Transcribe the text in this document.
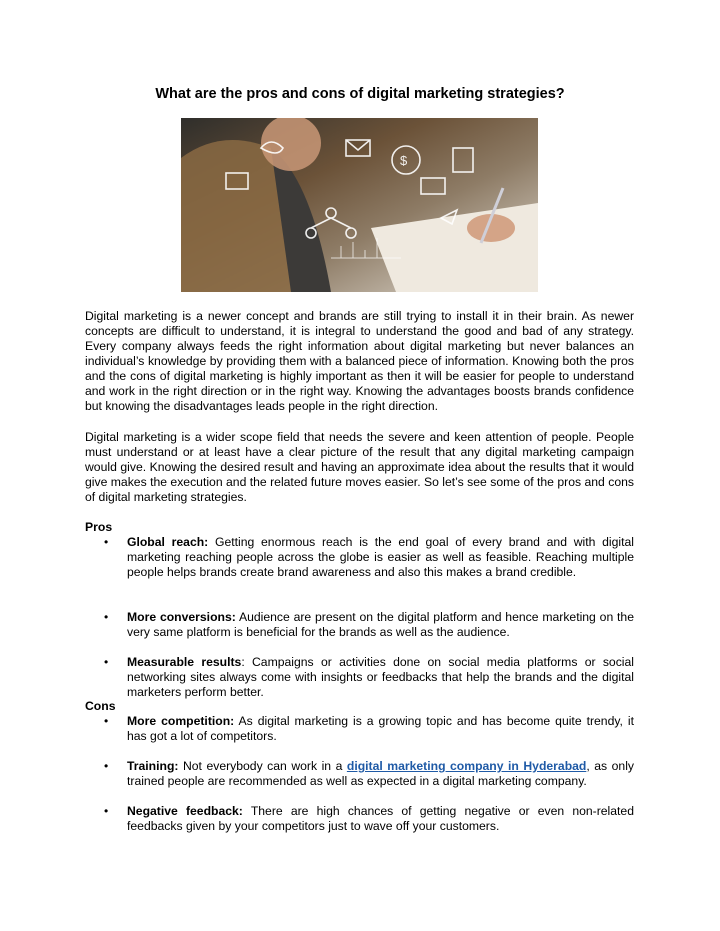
What are the pros and cons of digital marketing strategies?
$
Digital marketing is a newer concept and brands are still trying to install it in their brain. As newer concepts are difficult to understand, it is integral to understand the good and bad of any strategy. Every company always feeds the right information about digital marketing but never balances an individual’s knowledge by providing them with a balanced piece of information. Knowing both the pros and the cons of digital marketing is highly important as then it will be easier for people to understand and work in the right direction or in the right way. Knowing the advantages boosts brands confidence but knowing the disadvantages leads people in the right direction.
Digital marketing is a wider scope field that needs the severe and keen attention of people. People must understand or at least have a clear picture of the result that any digital marketing campaign would give. Knowing the desired result and having an approximate idea about the results that it would give makes the execution and the related future moves easier. So let’s see some of the pros and cons of digital marketing strategies.
Pros
• Global reach: Getting enormous reach is the end goal of every brand and with digital marketing reaching people across the globe is easier as well as feasible. Reaching multiple people helps brands create brand awareness and also this makes a brand credible.
• More conversions: Audience are present on the digital platform and hence marketing on the very same platform is beneficial for the brands as well as the audience.
• Measurable results: Campaigns or activities done on social media platforms or social networking sites always come with insights or feedbacks that help the brands and the digital marketers perform better.
Cons
• More competition: As digital marketing is a growing topic and has become quite trendy, it has got a lot of competitors.
• Training: Not everybody can work in a digital marketing company in Hyderabad, as only trained people are recommended as well as expected in a digital marketing company.
• Negative feedback: There are high chances of getting negative or even non-related feedbacks given by your competitors just to wave off your customers.
